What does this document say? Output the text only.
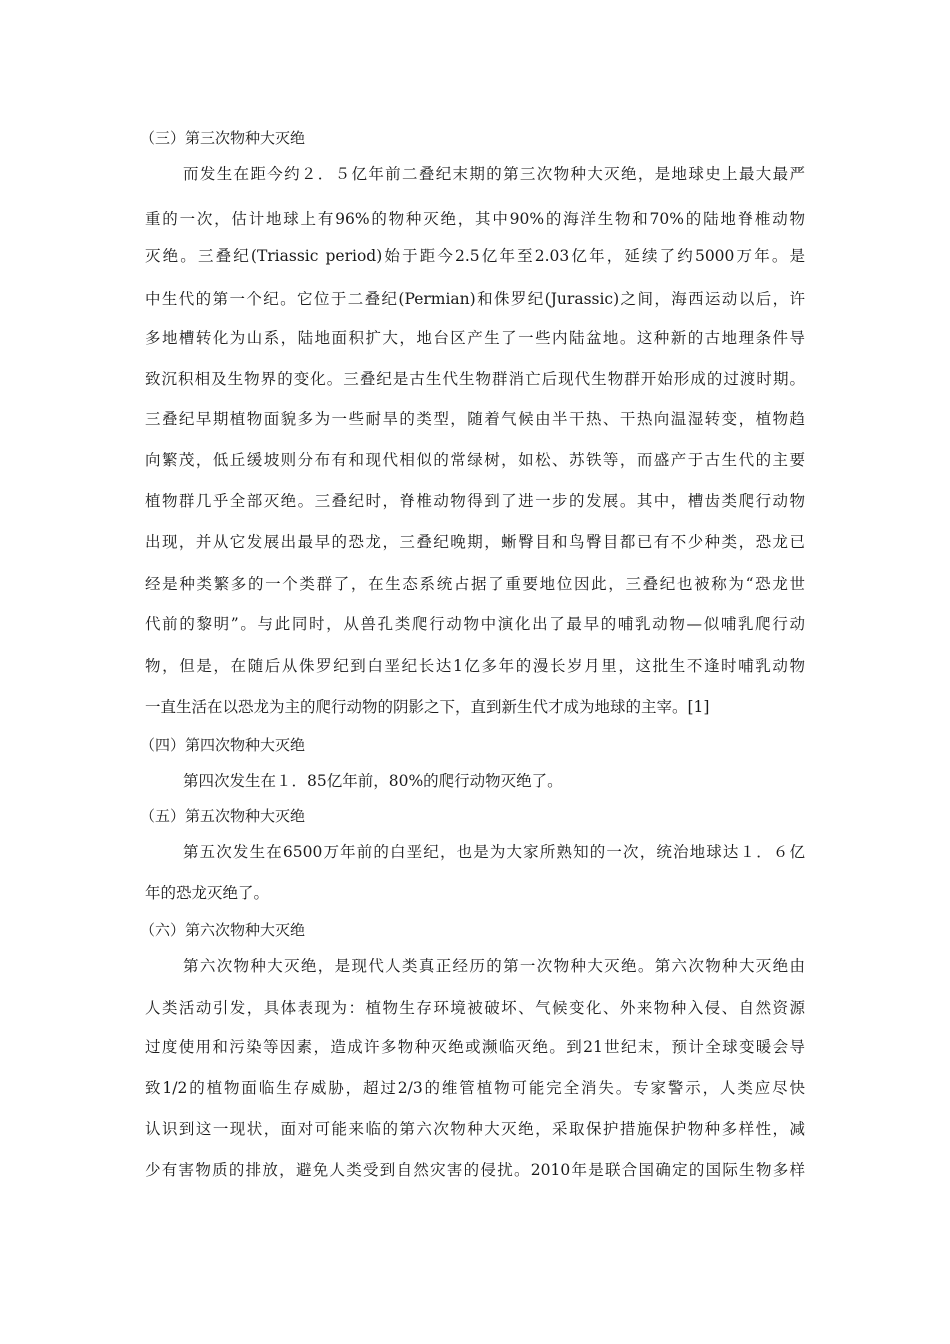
（三）第三次物种大灭绝
而发生在距今约２．５亿年前二叠纪末期的第三次物种大灭绝，是地球史上最大最严
重的一次，估计地球上有96%的物种灭绝，其中90%的海洋生物和70%的陆地脊椎动物
灭绝。三叠纪(Triassic period)始于距今2.5亿年至2.03亿年，延续了约5000万年。是
中生代的第一个纪。它位于二叠纪(Permian)和侏罗纪(Jurassic)之间，海西运动以后，许
多地槽转化为山系，陆地面积扩大，地台区产生了一些内陆盆地。这种新的古地理条件导
致沉积相及生物界的变化。三叠纪是古生代生物群消亡后现代生物群开始形成的过渡时期。
三叠纪早期植物面貌多为一些耐旱的类型，随着气候由半干热、干热向温湿转变，植物趋
向繁茂，低丘缓坡则分布有和现代相似的常绿树，如松、苏铁等，而盛产于古生代的主要
植物群几乎全部灭绝。三叠纪时，脊椎动物得到了进一步的发展。其中，槽齿类爬行动物
出现，并从它发展出最早的恐龙，三叠纪晚期，蜥臀目和鸟臀目都已有不少种类，恐龙已
经是种类繁多的一个类群了，在生态系统占据了重要地位因此，三叠纪也被称为“恐龙世
代前的黎明”。与此同时，从兽孔类爬行动物中演化出了最早的哺乳动物—似哺乳爬行动
物，但是，在随后从侏罗纪到白垩纪长达1亿多年的漫长岁月里，这批生不逢时哺乳动物
一直生活在以恐龙为主的爬行动物的阴影之下，直到新生代才成为地球的主宰。[1]
（四）第四次物种大灭绝
第四次发生在１．85亿年前，80%的爬行动物灭绝了。
（五）第五次物种大灭绝
第五次发生在6500万年前的白垩纪，也是为大家所熟知的一次，统治地球达１．６亿
年的恐龙灭绝了。
（六）第六次物种大灭绝
第六次物种大灭绝，是现代人类真正经历的第一次物种大灭绝。第六次物种大灭绝由
人类活动引发，具体表现为：植物生存环境被破坏、气候变化、外来物种入侵、自然资源
过度使用和污染等因素，造成许多物种灭绝或濒临灭绝。到21世纪末，预计全球变暖会导
致1/2的植物面临生存威胁，超过2/3的维管植物可能完全消失。专家警示，人类应尽快
认识到这一现状，面对可能来临的第六次物种大灭绝，采取保护措施保护物种多样性，减
少有害物质的排放，避免人类受到自然灾害的侵扰。2010年是联合国确定的国际生物多样
